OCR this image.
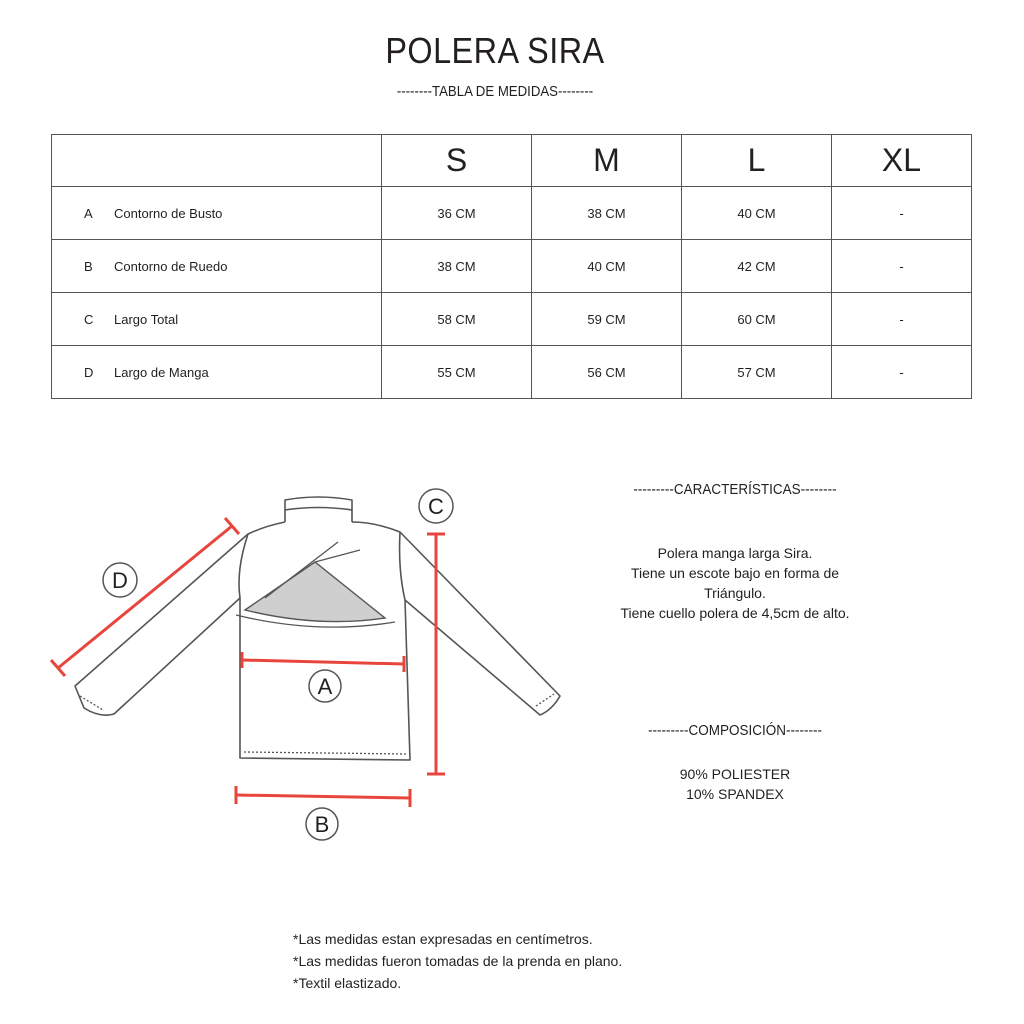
POLERA SIRA
--------TABLA DE MEDIDAS--------
	S	M	L	XL
A Contorno de Busto	36 CM	38 CM	40 CM	-
B Contorno de Ruedo	38 CM	40 CM	42 CM	-
C Largo Total	58 CM	59 CM	60 CM	-
D Largo de Manga	55 CM	56 CM	57 CM	-
A
B
C
D
---------CARACTERÍSTICAS--------
Polera manga larga Sira.
Tiene un escote bajo en forma de
Triángulo.
Tiene cuello polera de 4,5cm de alto.
---------COMPOSICIÓN--------
90% POLIESTER
10% SPANDEX
*Las medidas estan expresadas en centímetros.
*Las medidas fueron tomadas de la prenda en plano.
*Textil elastizado.
